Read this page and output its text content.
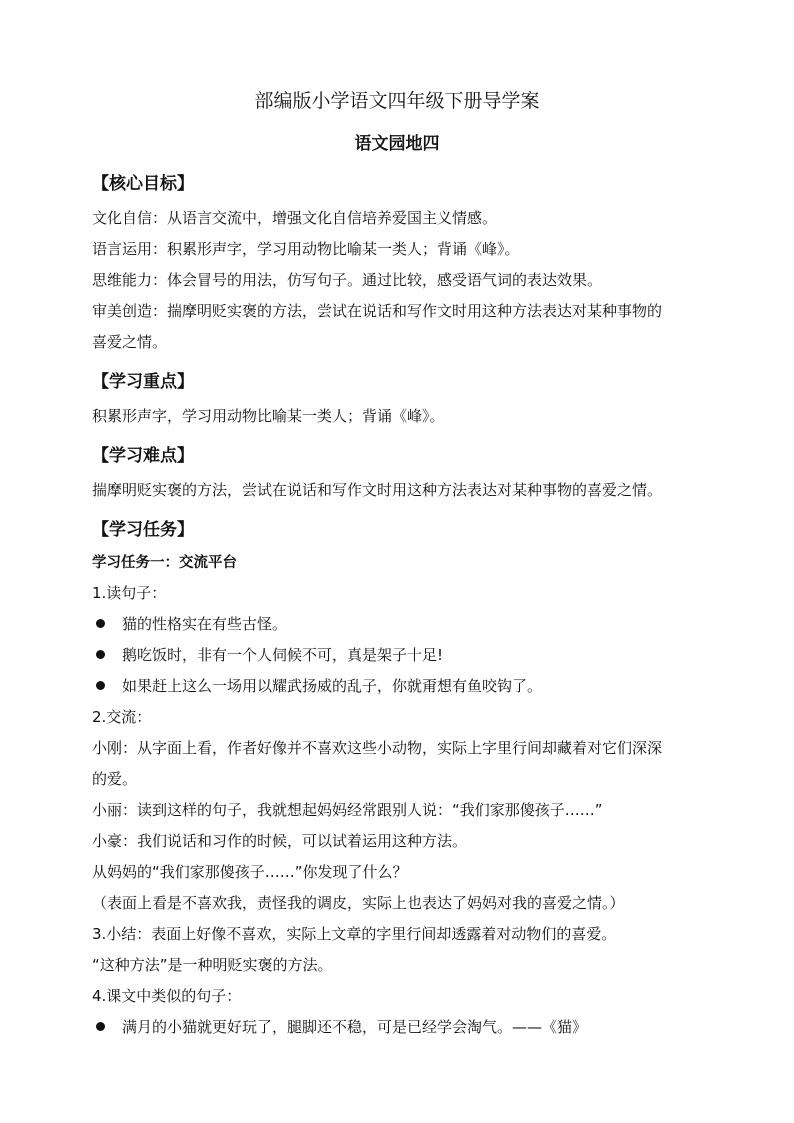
部编版小学语文四年级下册导学案
语文园地四
【核心目标】
文化自信：从语言交流中，增强文化自信培养爱国主义情感。
语言运用：积累形声字，学习用动物比喻某一类人；背诵《峰》。
思维能力：体会冒号的用法，仿写句子。通过比较，感受语气词的表达效果。
审美创造：揣摩明贬实褒的方法，尝试在说话和写作文时用这种方法表达对某种事物的
喜爱之情。
【学习重点】
积累形声字，学习用动物比喻某一类人；背诵《峰》。
【学习难点】
揣摩明贬实褒的方法，尝试在说话和写作文时用这种方法表达对某种事物的喜爱之情。
【学习任务】
学习任务一：交流平台
1.读句子：
猫的性格实在有些古怪。
鹅吃饭时，非有一个人伺候不可，真是架子十足!
如果赶上这么一场用以耀武扬威的乱子，你就甭想有鱼咬钩了。
2.交流：
小刚：从字面上看，作者好像并不喜欢这些小动物，实际上字里行间却藏着对它们深深
的爱。
小丽：读到这样的句子，我就想起妈妈经常跟别人说：“我们家那傻孩子……”
小豪：我们说话和习作的时候，可以试着运用这种方法。
从妈妈的“我们家那傻孩子……”你发现了什么？
（表面上看是不喜欢我，责怪我的调皮，实际上也表达了妈妈对我的喜爱之情。）
3.小结：表面上好像不喜欢，实际上文章的字里行间却透露着对动物们的喜爱。
“这种方法”是一种明贬实褒的方法。
4.课文中类似的句子：
满月的小猫就更好玩了，腿脚还不稳，可是已经学会淘气。——《猫》
